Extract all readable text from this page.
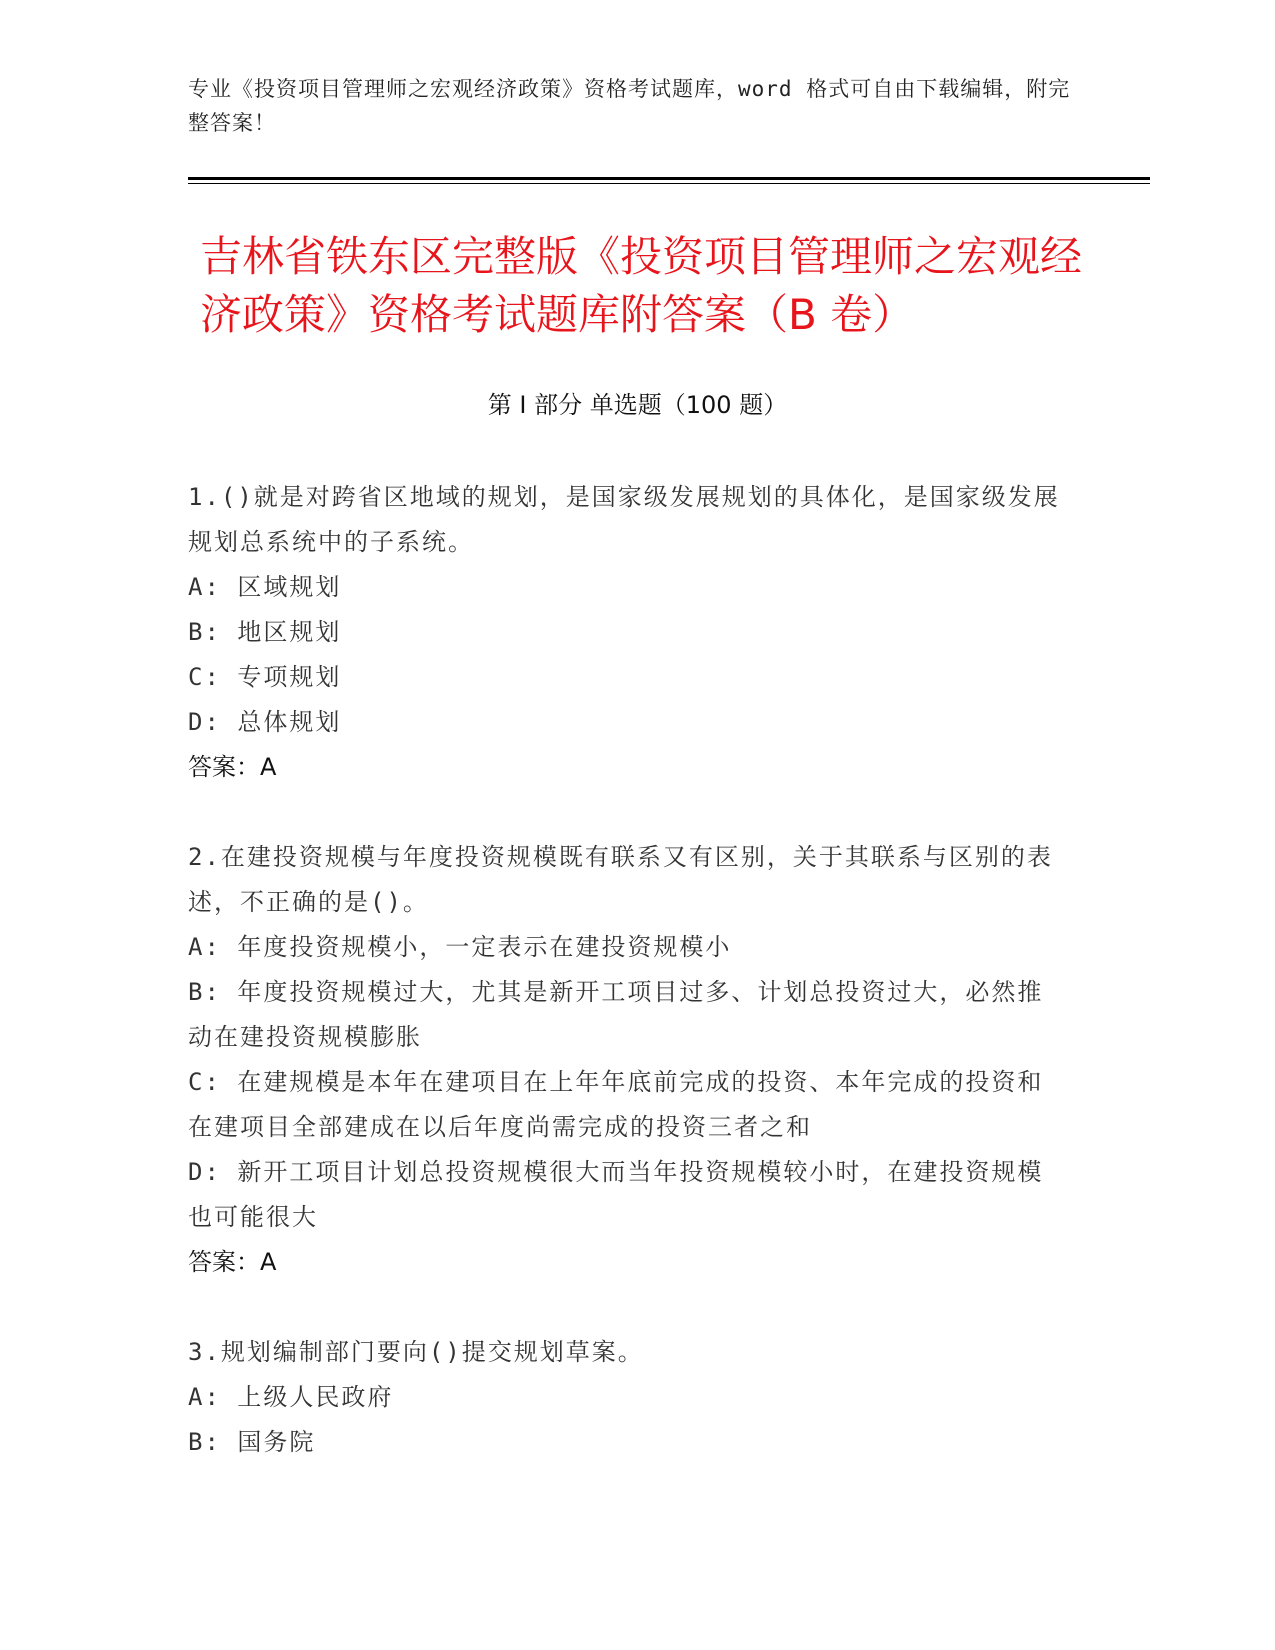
专业《投资项目管理师之宏观经济政策》资格考试题库，word 格式可自由下载编辑，附完整答案！
吉林省铁东区完整版《投资项目管理师之宏观经济政策》资格考试题库附答案（B 卷）
第 I 部分 单选题（100 题）
1.()就是对跨省区地域的规划，是国家级发展规划的具体化，是国家级发展规划总系统中的子系统。
A: 区域规划
B: 地区规划
C: 专项规划
D: 总体规划
答案：A
2.在建投资规模与年度投资规模既有联系又有区别，关于其联系与区别的表述，不正确的是()。
A: 年度投资规模小，一定表示在建投资规模小
B: 年度投资规模过大，尤其是新开工项目过多、计划总投资过大，必然推动在建投资规模膨胀
C: 在建规模是本年在建项目在上年年底前完成的投资、本年完成的投资和在建项目全部建成在以后年度尚需完成的投资三者之和
D: 新开工项目计划总投资规模很大而当年投资规模较小时，在建投资规模也可能很大
答案：A
3.规划编制部门要向()提交规划草案。
A: 上级人民政府
B: 国务院
